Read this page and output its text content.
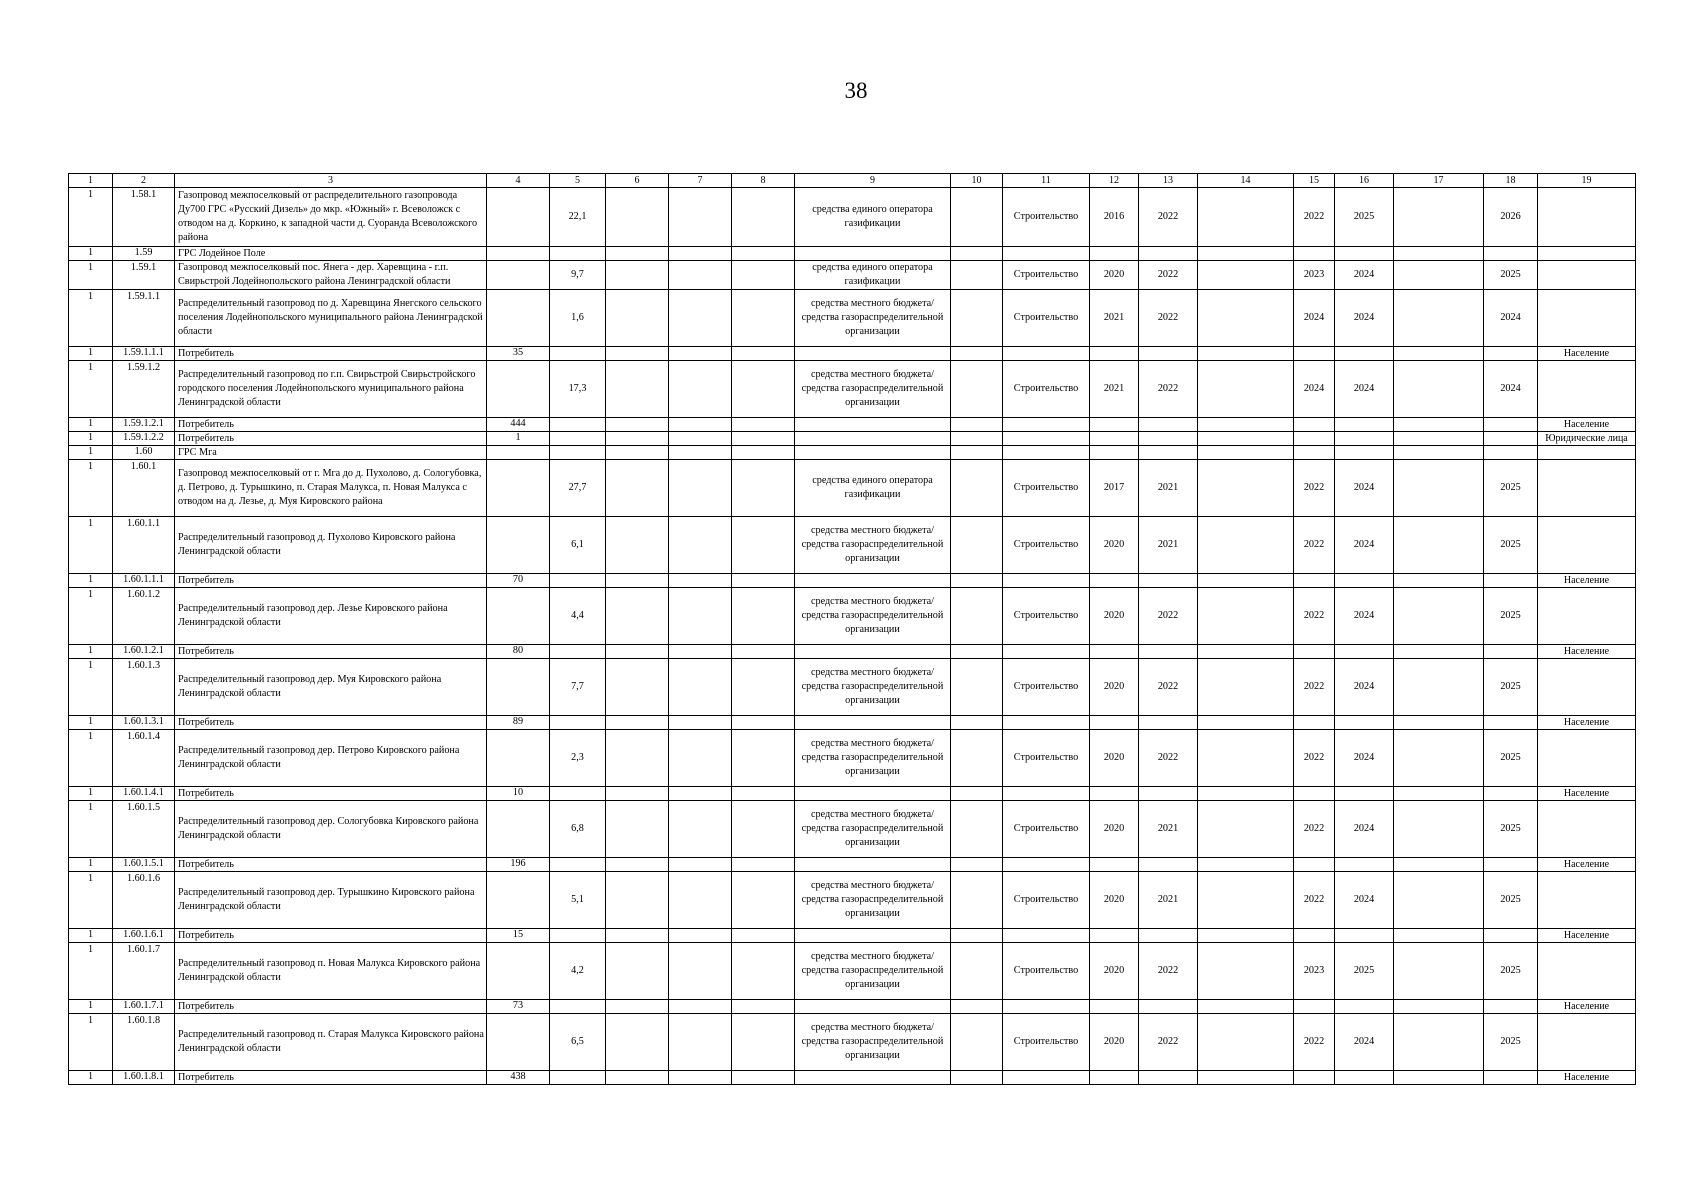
38
1	2	3	4	5	6	7	8	9	10	11	12	13	14	15	16	17	18	19
1	1.58.1	Газопровод межпоселковый от распределительного газопровода Ду700 ГРС «Русский Дизель» до мкр. «Южный» г. Всеволожск с отводом на д. Коркино, к западной части д. Суоранда Всеволожского района		22,1				средства единого оператора газификации		Строительство	2016	2022		2022	2025		2026	
1	1.59	ГРС Лодейное Поле																
1	1.59.1	Газопровод межпоселковый пос. Янега - дер. Харевщина - г.п. Свирьстрой Лодейнопольского района Ленинградской области		9,7				средства единого оператора газификации		Строительство	2020	2022		2023	2024		2025	
1	1.59.1.1	Распределительный газопровод по д. Харевщина Янегского сельского поселения Лодейнопольского муниципального района Ленинградской области		1,6				средства местного бюджета/средства газораспределительной организации		Строительство	2021	2022		2024	2024		2024	
1	1.59.1.1.1	Потребитель	35															Население
1	1.59.1.2	Распределительный газопровод по г.п. Свирьстрой Свирьстройского городского поселения Лодейнопольского муниципального района Ленинградской области		17,3				средства местного бюджета/средства газораспределительной организации		Строительство	2021	2022		2024	2024		2024	
1	1.59.1.2.1	Потребитель	444															Население
1	1.59.1.2.2	Потребитель	1															Юридические лица
1	1.60	ГРС Мга																
1	1.60.1	Газопровод межпоселковый от г. Мга до д. Пухолово, д. Сологубовка, д. Петрово, д. Турышкино, п. Старая Малукса, п. Новая Малукса с отводом на д. Лезье, д. Муя Кировского района		27,7				средства единого оператора газификации		Строительство	2017	2021		2022	2024		2025	
1	1.60.1.1	Распределительный газопровод д. Пухолово Кировского района Ленинградской области		6,1				средства местного бюджета/средства газораспределительной организации		Строительство	2020	2021		2022	2024		2025	
1	1.60.1.1.1	Потребитель	70															Население
1	1.60.1.2	Распределительный газопровод дер. Лезье Кировского района Ленинградской области		4,4				средства местного бюджета/средства газораспределительной организации		Строительство	2020	2022		2022	2024		2025	
1	1.60.1.2.1	Потребитель	80															Население
1	1.60.1.3	Распределительный газопровод дер. Муя Кировского района Ленинградской области		7,7				средства местного бюджета/средства газораспределительной организации		Строительство	2020	2022		2022	2024		2025	
1	1.60.1.3.1	Потребитель	89															Население
1	1.60.1.4	Распределительный газопровод дер. Петрово Кировского района Ленинградской области		2,3				средства местного бюджета/средства газораспределительной организации		Строительство	2020	2022		2022	2024		2025	
1	1.60.1.4.1	Потребитель	10															Население
1	1.60.1.5	Распределительный газопровод дер. Сологубовка Кировского района Ленинградской области		6,8				средства местного бюджета/средства газораспределительной организации		Строительство	2020	2021		2022	2024		2025	
1	1.60.1.5.1	Потребитель	196															Население
1	1.60.1.6	Распределительный газопровод дер. Турышкино Кировского района Ленинградской области		5,1				средства местного бюджета/средства газораспределительной организации		Строительство	2020	2021		2022	2024		2025	
1	1.60.1.6.1	Потребитель	15															Население
1	1.60.1.7	Распределительный газопровод п. Новая Малукса Кировского района Ленинградской области		4,2				средства местного бюджета/средства газораспределительной организации		Строительство	2020	2022		2023	2025		2025	
1	1.60.1.7.1	Потребитель	73															Население
1	1.60.1.8	Распределительный газопровод п. Старая Малукса Кировского района Ленинградской области		6,5				средства местного бюджета/средства газораспределительной организации		Строительство	2020	2022		2022	2024		2025	
1	1.60.1.8.1	Потребитель	438															Население
